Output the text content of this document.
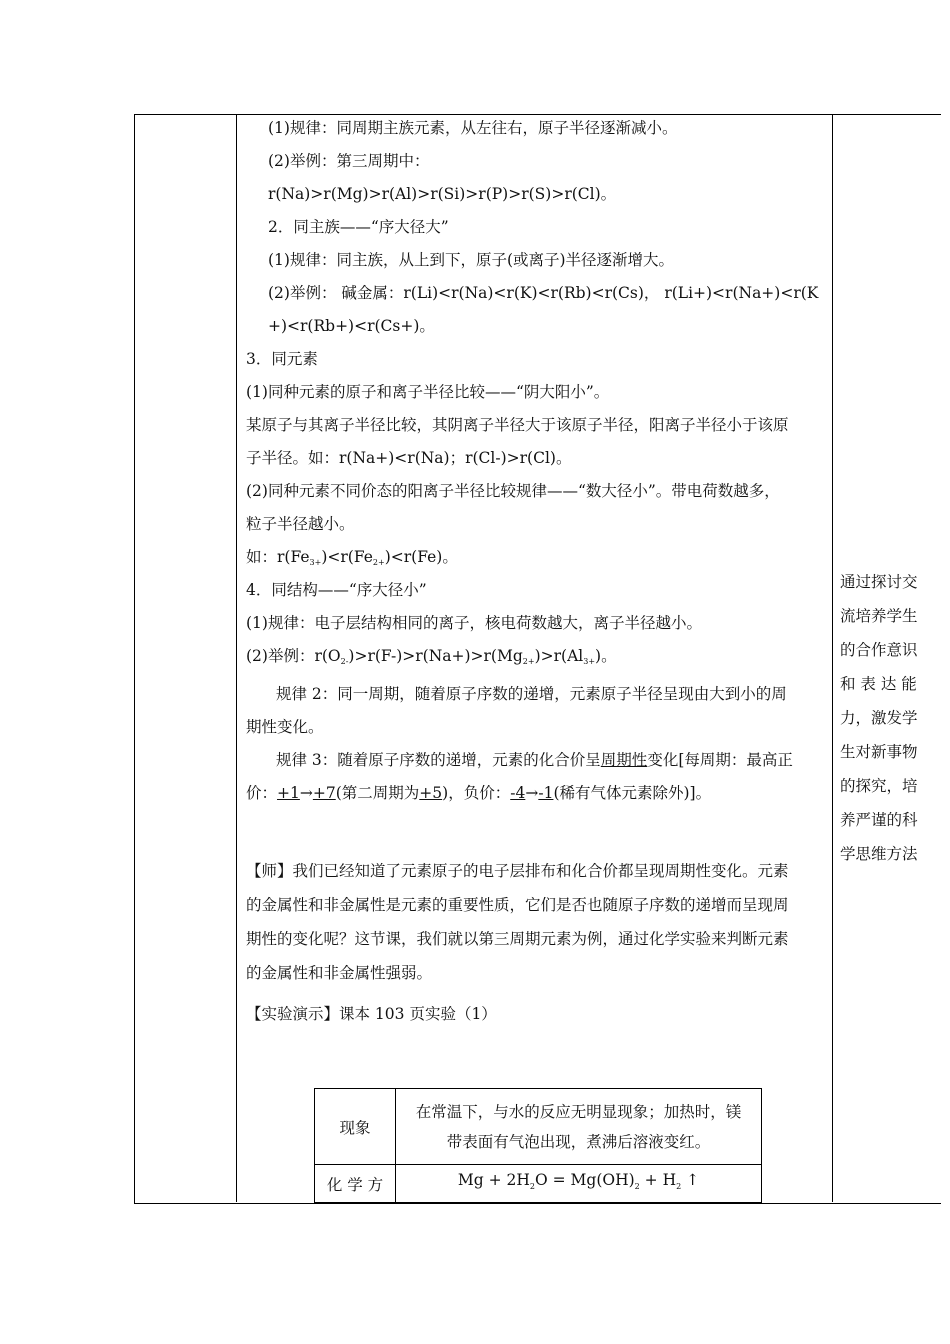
(1)规律：同周期主族元素，从左往右，原子半径逐渐减小。
(2)举例：第三周期中：
r(Na)>r(Mg)>r(Al)>r(Si)>r(P)>r(S)>r(Cl)。
2．同主族——“序大径大”
(1)规律：同主族，从上到下，原子(或离子)半径逐渐增大。
(2)举例： 碱金属：r(Li)<r(Na)<r(K)<r(Rb)<r(Cs)， r(Li+)<r(Na+)<r(K
+)<r(Rb+)<r(Cs+)。
3．同元素
(1)同种元素的原子和离子半径比较——“阴大阳小”。
某原子与其离子半径比较，其阴离子半径大于该原子半径，阳离子半径小于该原
子半径。如：r(Na+)<r(Na)；r(Cl-)>r(Cl)。
(2)同种元素不同价态的阳离子半径比较规律——“数大径小”。带电荷数越多，
粒子半径越小。
如：$r(Fe_{3+})<r(Fe_{2+})<r(Fe)$。
4．同结构——“序大径小”
(1)规律：电子层结构相同的离子，核电荷数越大，离子半径越小。
(2)举例：$r(O_{2-})>r(F-)>r(Na+)>r(Mg_{2+})>r(Al_{3+})$。
规律 2：同一周期，随着原子序数的递增，元素原子半径呈现由大到小的周
期性变化。
规律 3：随着原子序数的递增，元素的化合价呈周期性变化[每周期：最高正
价：+1→+7(第二周期为+5)，负价：-4→-1(稀有气体元素除外)]。
【师】我们已经知道了元素原子的电子层排布和化合价都呈现周期性变化。元素
的金属性和非金属性是元素的重要性质，它们是否也随原子序数的递增而呈现周
期性的变化呢？这节课，我们就以第三周期元素为例，通过化学实验来判断元素
的金属性和非金属性强弱。
【实验演示】课本 103 页实验（1）
通过探讨交
流培养学生
的合作意识
和 表 达 能
力，激发学
生对新事物
的探究，培
养严谨的科
学思维方法
现象	在常温下，与水的反应无明显现象；加热时，镁
带表面有气泡出现，煮沸后溶液变红。

化 学 方	$Mg + 2H_2O = Mg(OH)_2 + H_2$ ↑
